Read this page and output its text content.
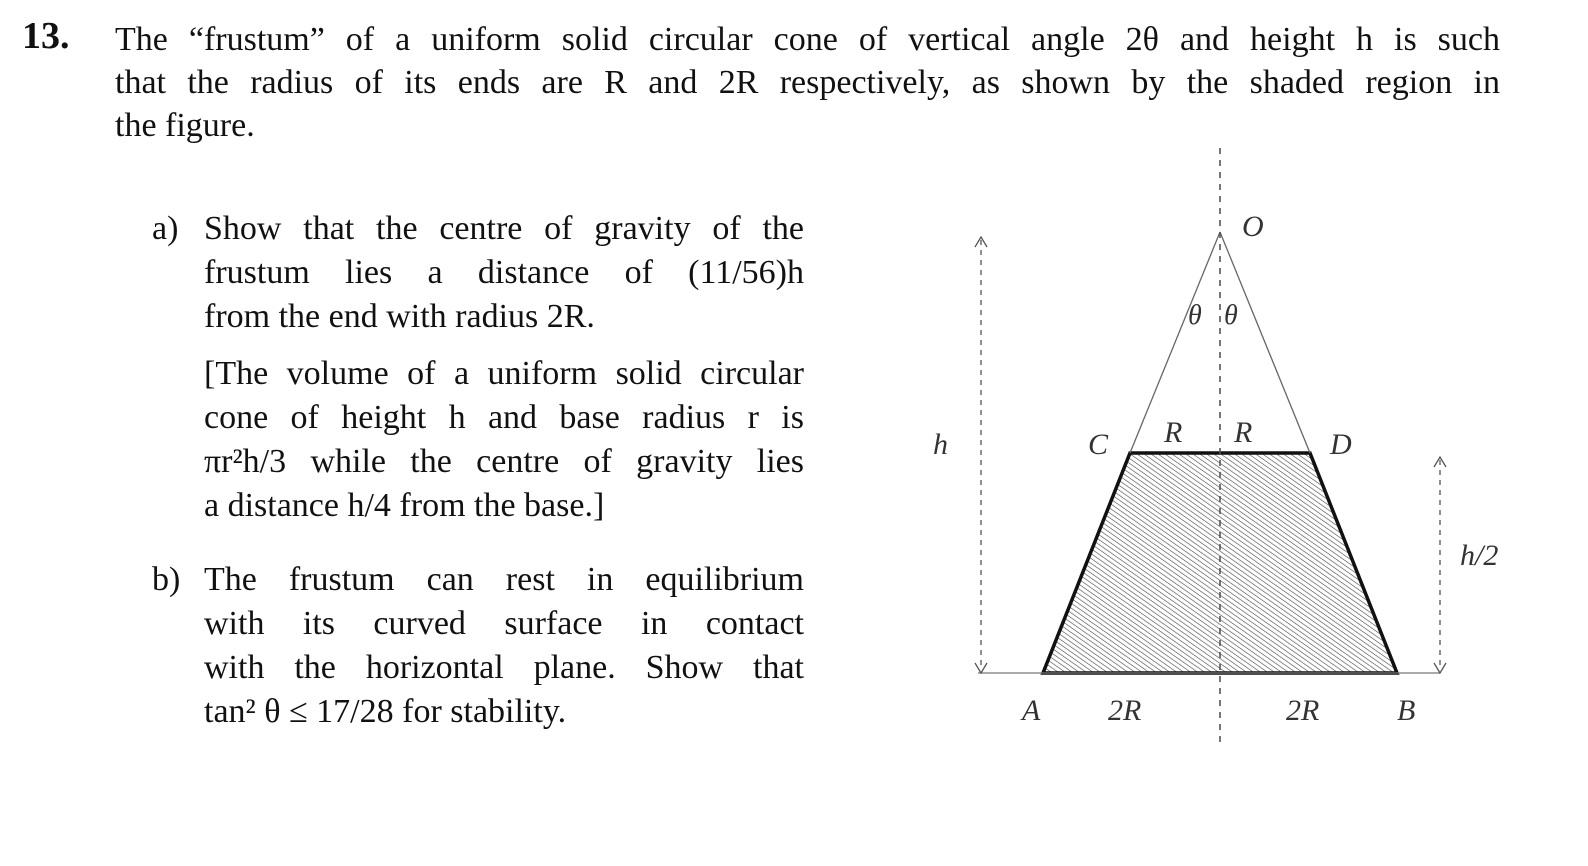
13. The “frustum” of a uniform solid circular cone of vertical angle 2θ and height h is such
that the radius of its ends are R and 2R respectively, as shown by the shaded region in
the figure.
a) Show that the centre of gravity of the
frustum lies a distance of (11/56)h
from the end with radius 2R.
[The volume of a uniform solid circular
cone of height h and base radius r is
πr²h/3 while the centre of gravity lies
a distance h/4 from the base.]
b) The frustum can rest in equilibrium
with its curved surface in contact
with the horizontal plane. Show that
tan² θ ≤ 17/28 for stability.
O
θ θ
R R
C	D
h
h/2
A 2R	2R	B
